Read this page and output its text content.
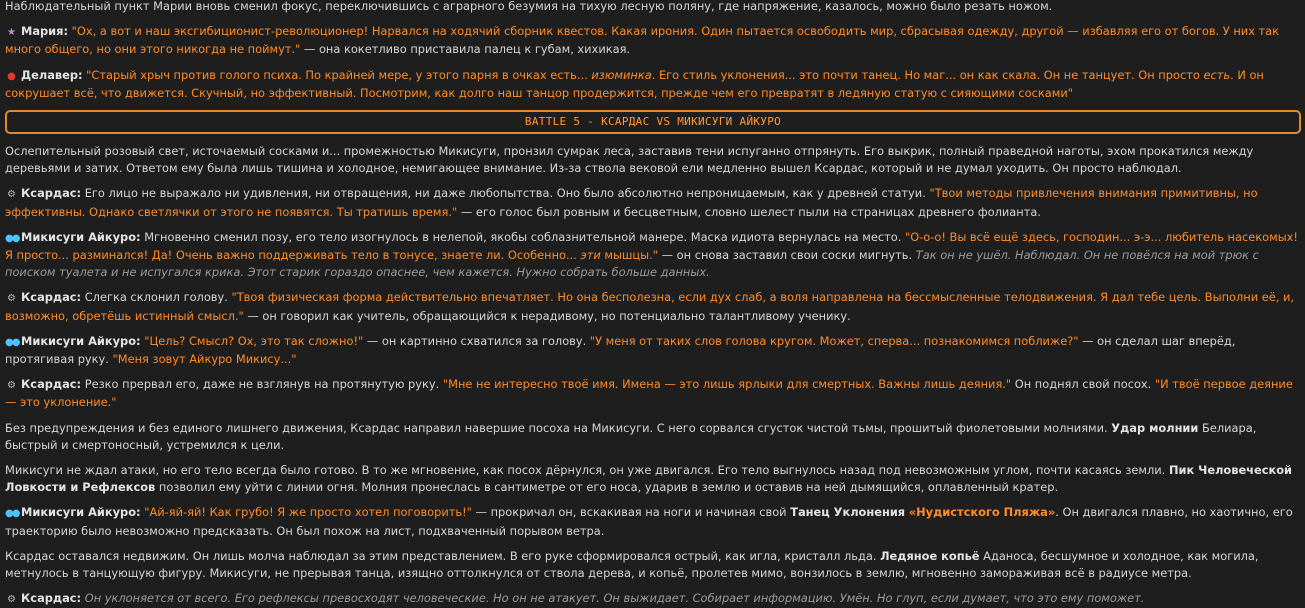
Наблюдательный пункт Марии вновь сменил фокус, переключившись с аграрного безумия на тихую лесную поляну, где напряжение, казалось, можно было резать ножом.
★ Мария: "Ох, а вот и наш эксгибиционист-революционер! Нарвался на ходячий сборник квестов. Какая ирония. Один пытается освободить мир, сбрасывая одежду, другой — избавляя его от богов. У них так много общего, но они этого никогда не поймут." — она кокетливо приставила палец к губам, хихикая.
● Делавер: "Старый хрыч против голого психа. По крайней мере, у этого парня в очках есть... изюминка. Его стиль уклонения... это почти танец. Но маг... он как скала. Он не танцует. Он просто есть. И он сокрушает всё, что движется. Скучный, но эффективный. Посмотрим, как долго наш танцор продержится, прежде чем его превратят в ледяную статую с сияющими сосками"
BATTLE 5 - КСАРДАС VS МИКИСУГИ АЙКУРО
Ослепительный розовый свет, источаемый сосками и... промежностью Микисуги, пронзил сумрак леса, заставив тени испуганно отпрянуть. Его выкрик, полный праведной наготы, эхом прокатился между деревьями и затих. Ответом ему была лишь тишина и холодное, немигающее внимание. Из-за ствола вековой ели медленно вышел Ксардас, который и не думал уходить. Он просто наблюдал.
⚙ Ксардас: Его лицо не выражало ни удивления, ни отвращения, ни даже любопытства. Оно было абсолютно непроницаемым, как у древней статуи. "Твои методы привлечения внимания примитивны, но эффективны. Однако светлячки от этого не появятся. Ты тратишь время." — его голос был ровным и бесцветным, словно шелест пыли на страницах древнего фолианта.
●● Микисуги Айкуро: Мгновенно сменил позу, его тело изогнулось в нелепой, якобы соблазнительной манере. Маска идиота вернулась на место. "О-о-о! Вы всё ещё здесь, господин... э-э... любитель насекомых! Я просто... разминался! Да! Очень важно поддерживать тело в тонусе, знаете ли. Особенно... эти мышцы." — он снова заставил свои соски мигнуть. Так он не ушёл. Наблюдал. Он не повёлся на мой трюк с поиском туалета и не испугался крика. Этот старик гораздо опаснее, чем кажется. Нужно собрать больше данных.
⚙ Ксардас: Слегка склонил голову. "Твоя физическая форма действительно впечатляет. Но она бесполезна, если дух слаб, а воля направлена на бессмысленные телодвижения. Я дал тебе цель. Выполни её, и, возможно, обретёшь истинный смысл." — он говорил как учитель, обращающийся к нерадивому, но потенциально талантливому ученику.
●● Микисуги Айкуро: "Цель? Смысл? Ох, это так сложно!" — он картинно схватился за голову. "У меня от таких слов голова кругом. Может, сперва... познакомимся поближе?" — он сделал шаг вперёд, протягивая руку. "Меня зовут Айкуро Микису..."
⚙ Ксардас: Резко прервал его, даже не взглянув на протянутую руку. "Мне не интересно твоё имя. Имена — это лишь ярлыки для смертных. Важны лишь деяния." Он поднял свой посох. "И твоё первое деяние — это уклонение."
Без предупреждения и без единого лишнего движения, Ксардас направил навершие посоха на Микисуги. С него сорвался сгусток чистой тьмы, прошитый фиолетовыми молниями. Удар молнии Белиара, быстрый и смертоносный, устремился к цели.
Микисуги не ждал атаки, но его тело всегда было готово. В то же мгновение, как посох дёрнулся, он уже двигался. Его тело выгнулось назад под невозможным углом, почти касаясь земли. Пик Человеческой Ловкости и Рефлексов позволил ему уйти с линии огня. Молния пронеслась в сантиметре от его носа, ударив в землю и оставив на ней дымящийся, оплавленный кратер.
●● Микисуги Айкуро: "Ай-яй-яй! Как грубо! Я же просто хотел поговорить!" — прокричал он, вскакивая на ноги и начиная свой Танец Уклонения «Нудистского Пляжа». Он двигался плавно, но хаотично, его траекторию было невозможно предсказать. Он был похож на лист, подхваченный порывом ветра.
Ксардас оставался недвижим. Он лишь молча наблюдал за этим представлением. В его руке сформировался острый, как игла, кристалл льда. Ледяное копьё Аданоса, бесшумное и холодное, как могила, метнулось в танцующую фигуру. Микисуги, не прерывая танца, изящно оттолкнулся от ствола дерева, и копьё, пролетев мимо, вонзилось в землю, мгновенно замораживая всё в радиусе метра.
⚙ Ксардас: Он уклоняется от всего. Его рефлексы превосходят человеческие. Но он не атакует. Он выжидает. Собирает информацию. Умён. Но глуп, если думает, что это ему поможет.
